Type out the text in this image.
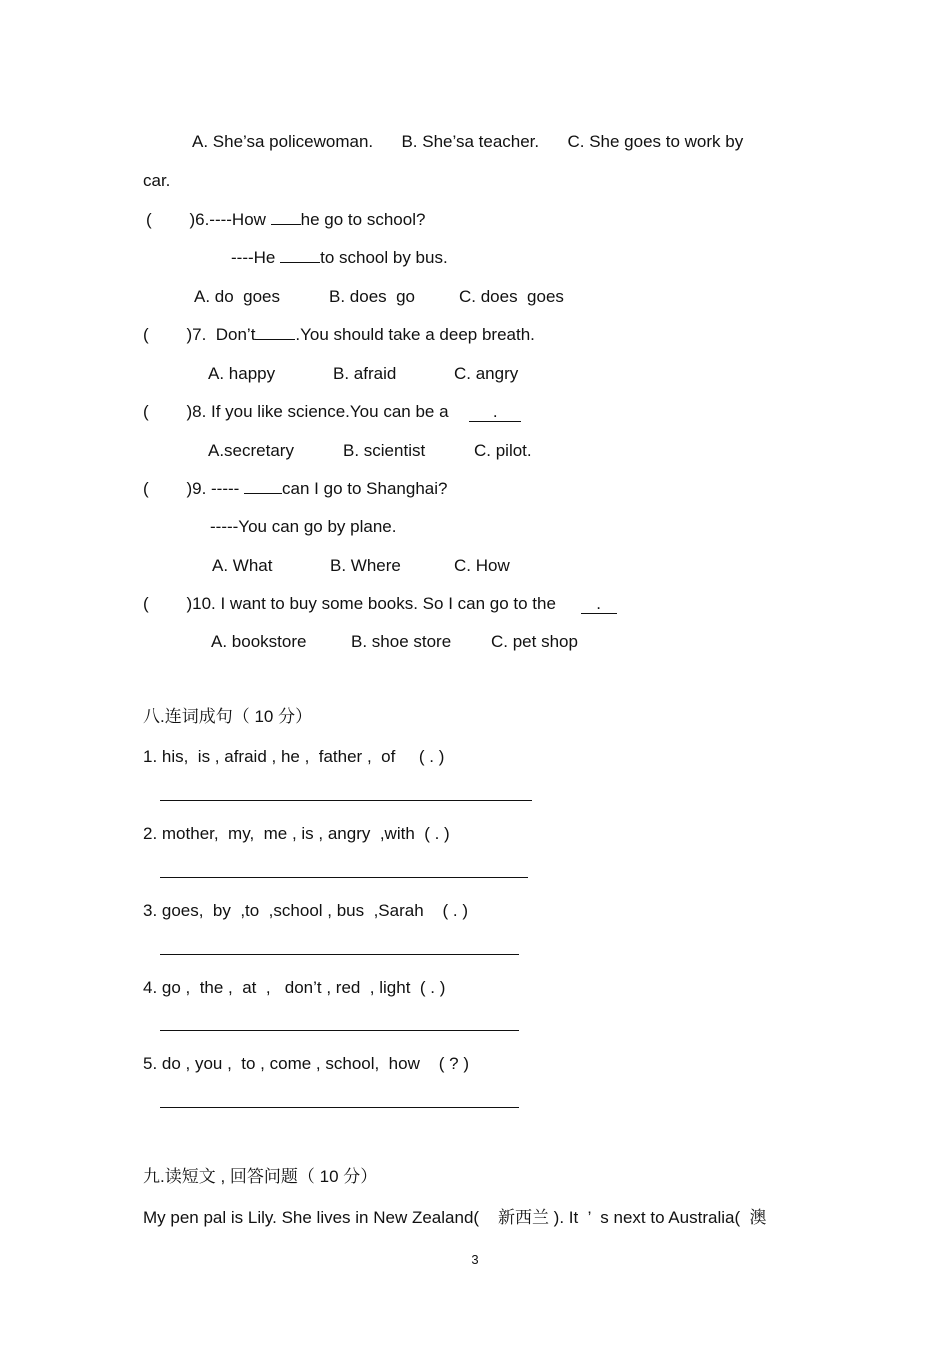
A. She’sa policewoman.      B. She’sa teacher.      C. She goes to work by
car.
(        )6.----How he go to school?
----He to school by bus.
A. do  goes	B. does  go	C. does  goes
(        )7.  Don’t .You should take a deep breath.
A. happy	B. afraid	C. angry
(        )8. If you like science.You can be a .
A.secretary	B. scientist	C. pilot.
(        )9. ----- can I go to Shanghai?
-----You can go by plane.
A. What	B. Where	C. How
(        )10. I want to buy some books. So I can go to the .
A. bookstore	B. shoe store C. pet shop
八.连词成句（ 10 分）
1. his,  is , afraid , he ,  father ,  of     ( . )
2. mother,  my,  me , is , angry  ,with  ( . )
3. goes,  by  ,to  ,school , bus  ,Sarah    ( . )
4. go ,  the ,  at  ,   don’t , red  , light  ( . )
5. do , you ,  to , come , school,  how    ( ? )
九.读短文 , 回答问题（ 10 分）
My pen pal is Lily. She lives in New Zealand(    新西兰 ). It  ’  s next to Australia(  澳
3
